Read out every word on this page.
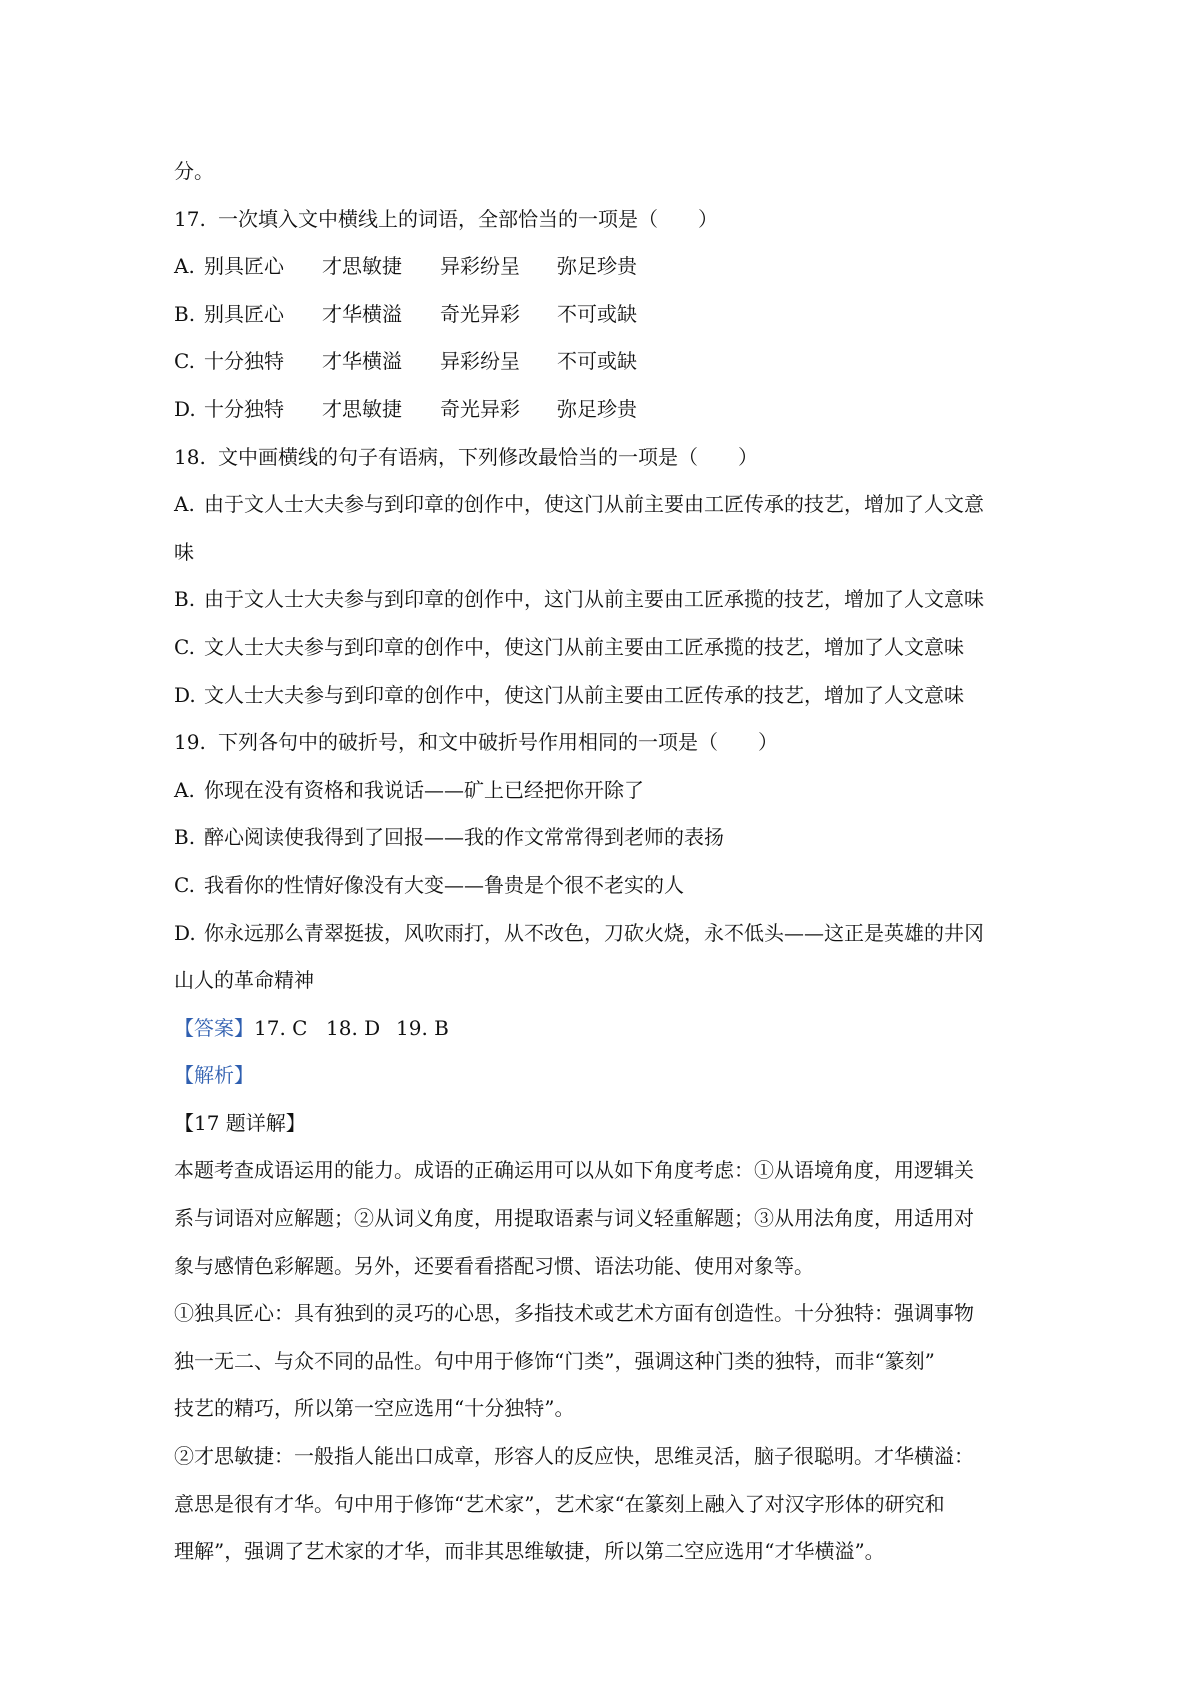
分。
17. 一次填入文中横线上的词语，全部恰当的一项是（　　）
A. 别具匠心 才思敏捷 异彩纷呈 弥足珍贵
B. 别具匠心 才华横溢 奇光异彩 不可或缺
C. 十分独特 才华横溢 异彩纷呈 不可或缺
D. 十分独特 才思敏捷 奇光异彩 弥足珍贵
18. 文中画横线的句子有语病，下列修改最恰当的一项是（　　）
A. 由于文人士大夫参与到印章的创作中，使这门从前主要由工匠传承的技艺，增加了人文意
味
B. 由于文人士大夫参与到印章的创作中，这门从前主要由工匠承揽的技艺，增加了人文意味
C. 文人士大夫参与到印章的创作中，使这门从前主要由工匠承揽的技艺，增加了人文意味
D. 文人士大夫参与到印章的创作中，使这门从前主要由工匠传承的技艺，增加了人文意味
19. 下列各句中的破折号，和文中破折号作用相同的一项是（　　）
A. 你现在没有资格和我说话——矿上已经把你开除了
B. 醉心阅读使我得到了回报——我的作文常常得到老师的表扬
C. 我看你的性情好像没有大变——鲁贵是个很不老实的人
D. 你永远那么青翠挺拔，风吹雨打，从不改色，刀砍火烧，永不低头——这正是英雄的井冈
山人的革命精神
【答案】17. C 18. D 19. B
【解析】
【17 题详解】
本题考查成语运用的能力。成语的正确运用可以从如下角度考虑：①从语境角度，用逻辑关
系与词语对应解题；②从词义角度，用提取语素与词义轻重解题；③从用法角度，用适用对
象与感情色彩解题。另外，还要看看搭配习惯、语法功能、使用对象等。
①独具匠心：具有独到的灵巧的心思，多指技术或艺术方面有创造性。十分独特：强调事物
独一无二、与众不同的品性。句中用于修饰“门类”，强调这种门类的独特，而非“篆刻”
技艺的精巧，所以第一空应选用“十分独特”。
②才思敏捷：一般指人能出口成章，形容人的反应快，思维灵活，脑子很聪明。才华横溢：
意思是很有才华。句中用于修饰“艺术家”，艺术家“在篆刻上融入了对汉字形体的研究和
理解”，强调了艺术家的才华，而非其思维敏捷，所以第二空应选用“才华横溢”。
